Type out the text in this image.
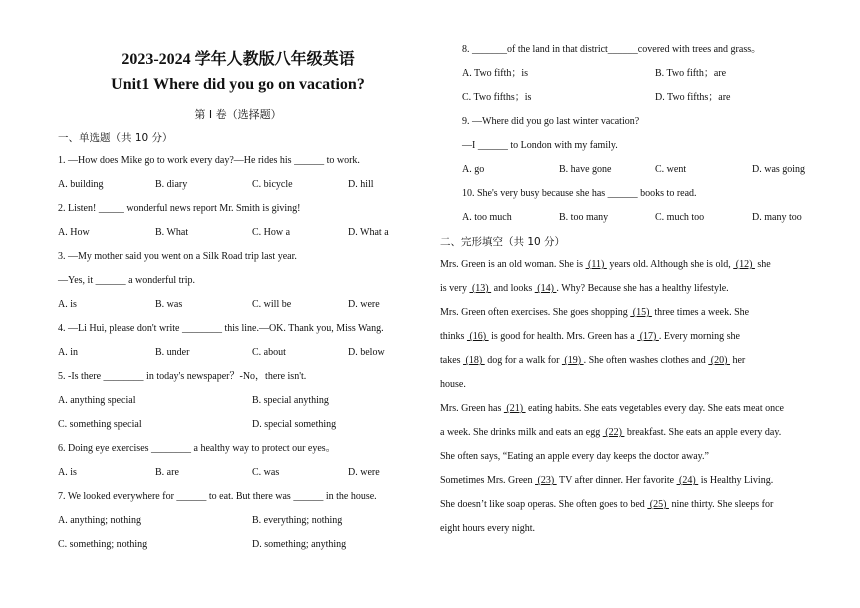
2023-2024 学年人教版八年级英语
Unit1 Where did you go on vacation?
第 I 卷（选择题）
一、单选题（共 10 分）
1. —How does Mike go to work every day?—He rides his ______ to work.
A. building	B. diary	C. bicycle	D. hill
2. Listen! _____ wonderful news report Mr. Smith is giving!
A. How	B. What	C. How a	D. What a
3. —My mother said you went on a Silk Road trip last year.
—Yes, it ______ a wonderful trip.
A. is	B. was	C. will be	D. were
4. —Li Hui, please don't write ________ this line.—OK. Thank you, Miss Wang.
A. in	B. under	C. about	D. below
5. -Is there ________ in today's newspaper？-No，there isn't.
A. anything special	B. special anything
C. something special	D. special something
6. Doing eye exercises ________ a healthy way to protect our eyes。
A. is	B. are	C. was	D. were
7. We looked everywhere for ______ to eat. But there was ______ in the house.
A. anything; nothing	B. everything; nothing
C. something; nothing	D. something; anything
8. _______of the land in that district______covered with trees and grass。
A. Two fifth；is	B. Two fifth；are
C. Two fifths；is	D. Two fifths；are
9. —Where did you go last winter vacation?
—I ______ to London with my family.
A. go	B. have gone	C. went	D. was going
10. She's very busy because she has ______ books to read.
A. too much	B. too many	C. much too	D. many too
二、完形填空（共 10 分）
Mrs. Green is an old woman. She is  (11)  years old. Although she is old,  (12)  she
is very  (13)  and looks  (14) . Why? Because she has a healthy lifestyle.
Mrs. Green often exercises. She goes shopping  (15)  three times a week. She
thinks  (16)  is good for health. Mrs. Green has a  (17) . Every morning she
takes  (18)  dog for a walk for  (19) . She often washes clothes and  (20)  her
house.
Mrs. Green has  (21)  eating habits. She eats vegetables every day. She eats meat once
a week. She drinks milk and eats an egg  (22)  breakfast. She eats an apple every day.
She often says, “Eating an apple every day keeps the doctor away.”
Sometimes Mrs. Green  (23)  TV after dinner. Her favorite  (24)  is Healthy Living.
She doesn’t like soap operas. She often goes to bed  (25)  nine thirty. She sleeps for
eight hours every night.
